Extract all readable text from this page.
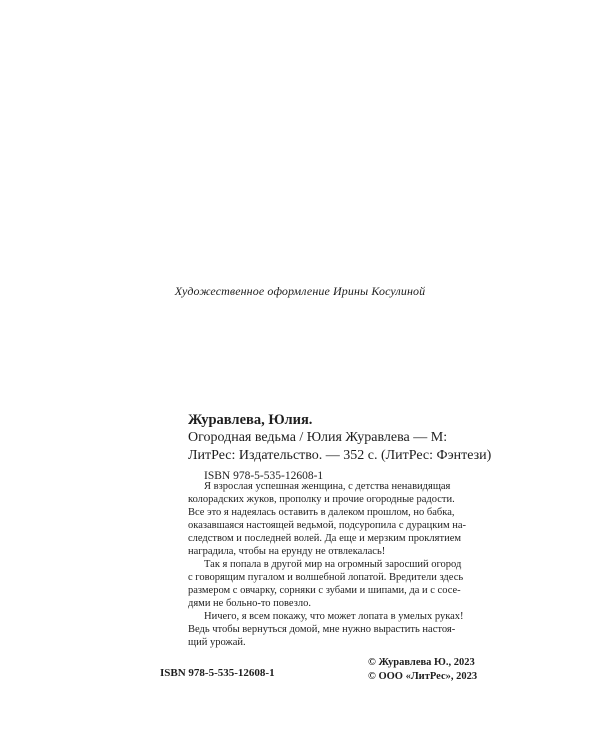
Художественное оформление Ирины Косулиной

Журавлева, Юлия.

Огородная ведьма / Юлия Журавлева — М:

ЛитРес: Издательство. — 352 с. (ЛитРес: Фэнтези)

ISBN 978-5-535-12608-1

Я взрослая успешная женщина, с детства ненавидящая
колорадских жуков, прополку и прочие огородные радости.
Все это я надеялась оставить в далеком прошлом, но бабка,
оказавшаяся настоящей ведьмой, подсуропила с дурацким на-
следством и последней волей. Да еще и мерзким проклятием
наградила, чтобы на ерунду не отвлекалась!
Так я попала в другой мир на огромный заросший огород
с говорящим пугалом и волшебной лопатой. Вредители здесь
размером с овчарку, сорняки с зубами и шипами, да и с сосе-
дями не больно-то повезло.
Ничего, я всем покажу, что может лопата в умелых руках!
Ведь чтобы вернуться домой, мне нужно вырастить настоя-
щий урожай.
ISBN 978-5-535-12608-1
© Журавлева Ю., 2023
© ООО «ЛитРес», 2023
